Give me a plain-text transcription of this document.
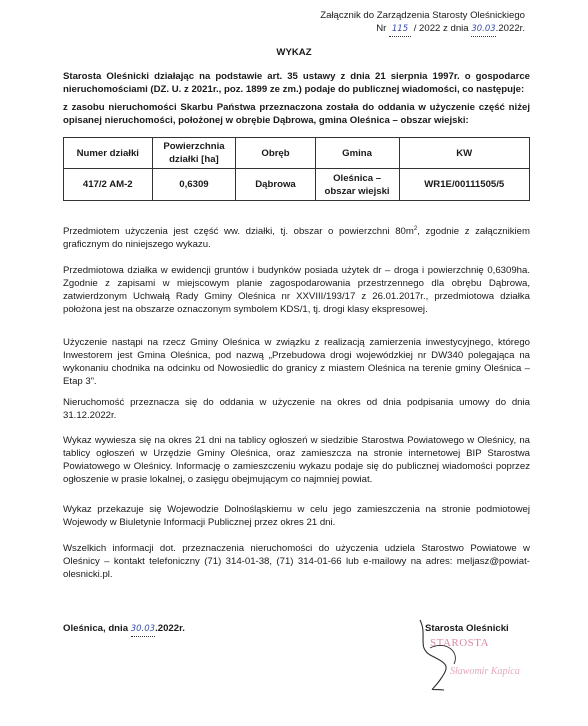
Załącznik do Zarządzenia Starosty Oleśnickiego
Nr 115 / 2022 z dnia 30.03.2022r.
WYKAZ
Starosta Oleśnicki działając na podstawie art. 35 ustawy z dnia 21 sierpnia 1997r. o gospodarce nieruchomościami (DZ. U. z 2021r., poz. 1899 ze zm.) podaje do publicznej wiadomości, co następuje:
z zasobu nieruchomości Skarbu Państwa przeznaczona została do oddania w użyczenie część niżej opisanej nieruchomości, położonej w obrębie Dąbrowa, gmina Oleśnica – obszar wiejski:
Numer działki	Powierzchnia działki [ha]	Obręb	Gmina	KW
417/2 AM-2	0,6309	Dąbrowa	Oleśnica – obszar wiejski	WR1E/00111505/5
Przedmiotem użyczenia jest część ww. działki, tj. obszar o powierzchni $80m^2$, zgodnie z załącznikiem graficznym do niniejszego wykazu.
Przedmiotowa działka w ewidencji gruntów i budynków posiada użytek dr – droga i powierzchnię 0,6309ha. Zgodnie z zapisami w miejscowym planie zagospodarowania przestrzennego dla obrębu Dąbrowa, zatwierdzonym Uchwałą Rady Gminy Oleśnica nr XXVIII/193/17 z 26.01.2017r., przedmiotowa działka położona jest na obszarze oznaczonym symbolem KDS/1, tj. drogi klasy ekspresowej.
Użyczenie nastąpi na rzecz Gminy Oleśnica w związku z realizacją zamierzenia inwestycyjnego, którego Inwestorem jest Gmina Oleśnica, pod nazwą „Przebudowa drogi wojewódzkiej nr DW340 polegająca na wykonaniu chodnika na odcinku od Nowosiedlic do granicy z miastem Oleśnica na terenie gminy Oleśnica – Etap 3”.
Nieruchomość przeznacza się do oddania w użyczenie na okres od dnia podpisania umowy do dnia 31.12.2022r.
Wykaz wywiesza się na okres 21 dni na tablicy ogłoszeń w siedzibie Starostwa Powiatowego w Oleśnicy, na tablicy ogłoszeń w Urzędzie Gminy Oleśnica, oraz zamieszcza na stronie internetowej BIP Starostwa Powiatowego w Oleśnicy. Informację o zamieszczeniu wykazu podaje się do publicznej wiadomości poprzez ogłoszenie w prasie lokalnej, o zasięgu obejmującym co najmniej powiat.
Wykaz przekazuje się Wojewodzie Dolnośląskiemu w celu jego zamieszczenia na stronie podmiotowej Wojewody w Biuletynie Informacji Publicznej przez okres 21 dni.
Wszelkich informacji dot. przeznaczenia nieruchomości do użyczenia udziela Starostwo Powiatowe w Oleśnicy – kontakt telefoniczny (71) 314-01-38, (71) 314-01-66 lub e-mailowy na adres: meljasz@powiat-olesnicki.pl.
Oleśnica, dnia 30.03.2022r.	Starosta Oleśnicki
STAROSTA
Sławomir Kapica
